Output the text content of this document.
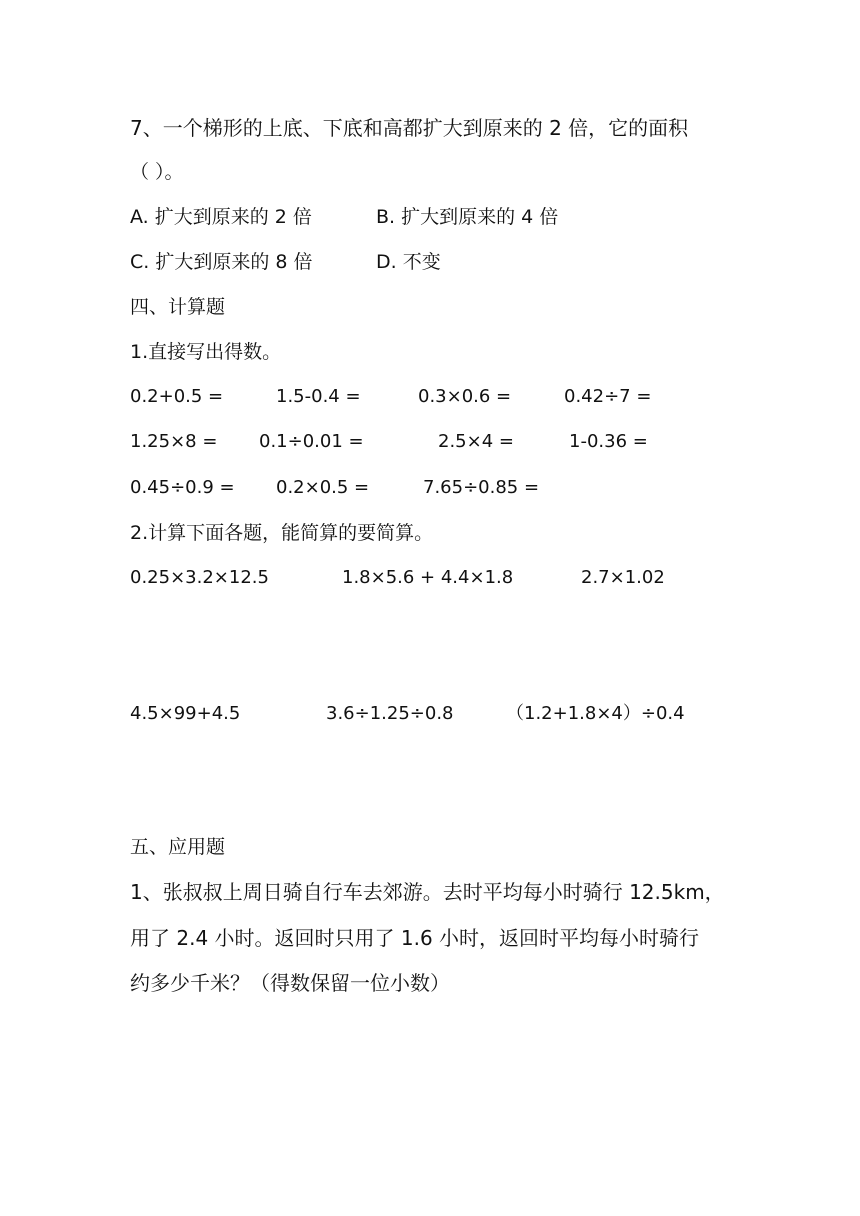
7、一个梯形的上底、下底和高都扩大到原来的 2 倍，它的面积
（ ）。
A. 扩大到原来的 2 倍	B. 扩大到原来的 4 倍
C. 扩大到原来的 8 倍	D. 不变
四、计算题
1.直接写出得数。
0.2+0.5 =	1.5-0.4 =	0.3×0.6 =	0.42÷7 =
1.25×8 = 0.1÷0.01 =	2.5×4 =	1-0.36 =
0.45÷0.9 = 0.2×0.5 =	7.65÷0.85 =
2.计算下面各题，能简算的要简算。
0.25×3.2×12.5	1.8×5.6 + 4.4×1.8	2.7×1.02
4.5×99+4.5	3.6÷1.25÷0.8	（1.2+1.8×4）÷0.4
五、应用题
1、张叔叔上周日骑自行车去郊游。去时平均每小时骑行 12.5km，
用了 2.4 小时。返回时只用了 1.6 小时，返回时平均每小时骑行
约多少千米？（得数保留一位小数）
